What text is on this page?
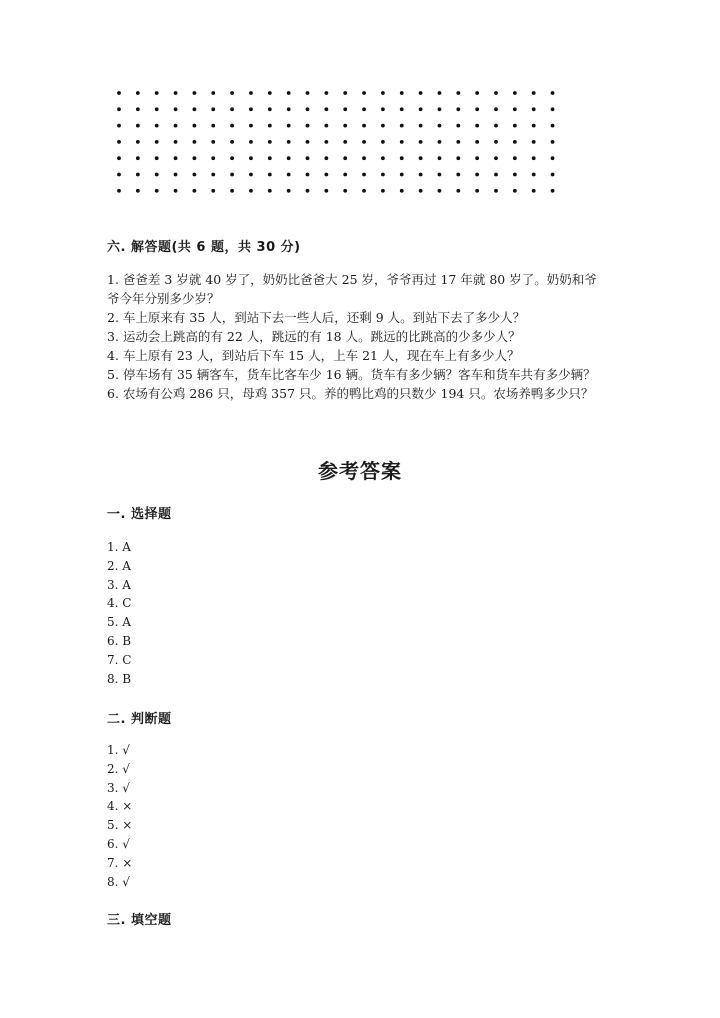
六. 解答题(共 6 题，共 30 分)
1. 爸爸差 3 岁就 40 岁了，奶奶比爸爸大 25 岁，爷爷再过 17 年就 80 岁了。奶奶和爷爷今年分别多少岁？
2. 车上原来有 35 人，到站下去一些人后，还剩 9 人。到站下去了多少人？
3. 运动会上跳高的有 22 人，跳远的有 18 人。跳远的比跳高的少多少人？
4. 车上原有 23 人，到站后下车 15 人，上车 21 人，现在车上有多少人？
5. 停车场有 35 辆客车，货车比客车少 16 辆。货车有多少辆？客车和货车共有多少辆？
6. 农场有公鸡 286 只，母鸡 357 只。养的鸭比鸡的只数少 194 只。农场养鸭多少只？
参考答案
一. 选择题
1. A
2. A
3. A
4. C
5. A
6. B
7. C
8. B
二. 判断题
1. √
2. √
3. √
4. ×
5. ×
6. √
7. ×
8. √
三. 填空题
